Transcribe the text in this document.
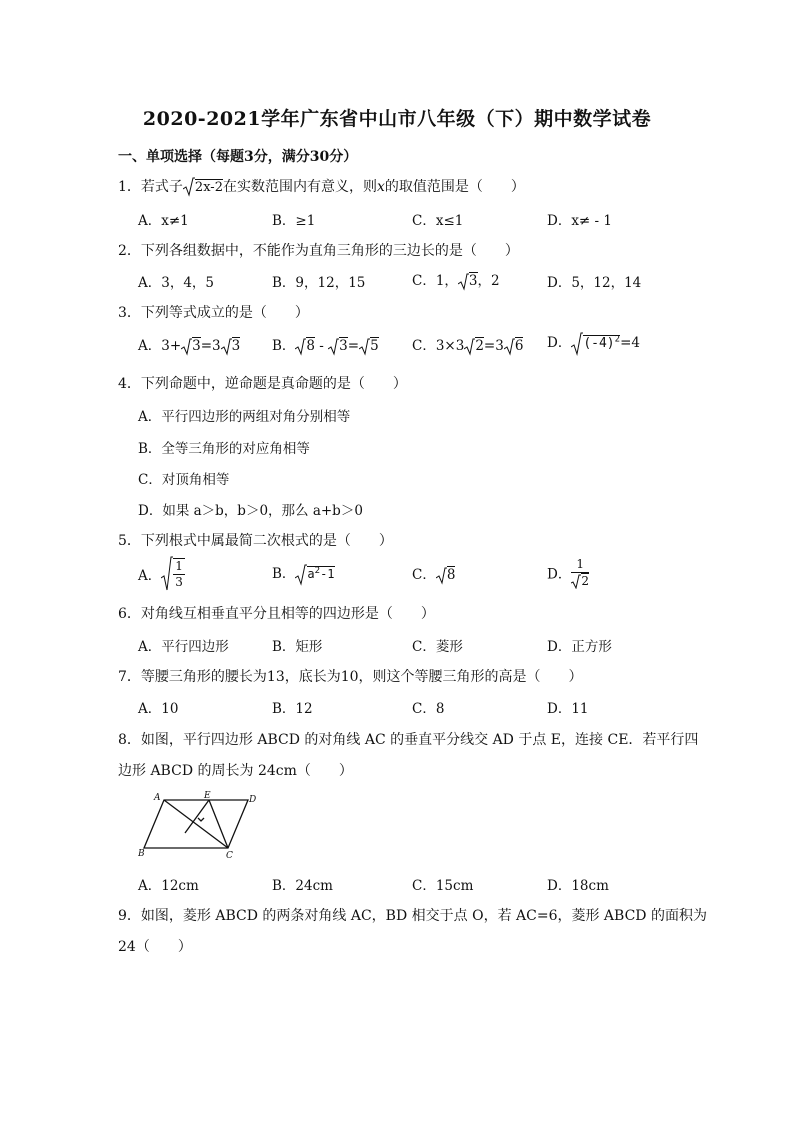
2020-2021学年广东省中山市八年级（下）期中数学试卷
一、单项选择（每题3分，满分30分）
1．若式子 2x-2在实数范围内有意义，则x的取值范围是（　　）
A．x≠1	B．≥1	C．x≤1	D．x≠ - 1
2．下列各组数据中，不能作为直角三角形的三边长的是（　　）
A．3，4，5	B．9，12，15	C．1， 3，2	D．5，12，14
3．下列等式成立的是（　　）
A．3+ 3=3 3 B． 8 - 3= 5 C．3×3 2=3 6 D． $(-4)^2=4$
4．下列命题中，逆命题是真命题的是（　　）
A．平行四边形的两组对角分别相等
B．全等三角形的对应角相等
C．对顶角相等
D．如果 a＞b，b＞0，那么 a+b＞0
5．下列根式中属最简二次根式的是（　　）
A． $\frac{1}{3}$	B． $a^2-1$	C． 8	D． $\frac{1}{2}$
6．对角线互相垂直平分且相等的四边形是（　　）
A．平行四边形	B．矩形	C．菱形	D．正方形
7．等腰三角形的腰长为13，底长为10，则这个等腰三角形的高是（　　）
A．10	B．12	C．8	D．11
8．如图，平行四边形 ABCD 的对角线 AC 的垂直平分线交 AD 于点 E，连接 CE．若平行四
边形 ABCD 的周长为 24cm（　　）
A	E	D
B	C
A．12cm	B．24cm	C．15cm	D．18cm
9．如图，菱形 ABCD 的两条对角线 AC，BD 相交于点 O，若 AC=6，菱形 ABCD 的面积为
24（　　）
